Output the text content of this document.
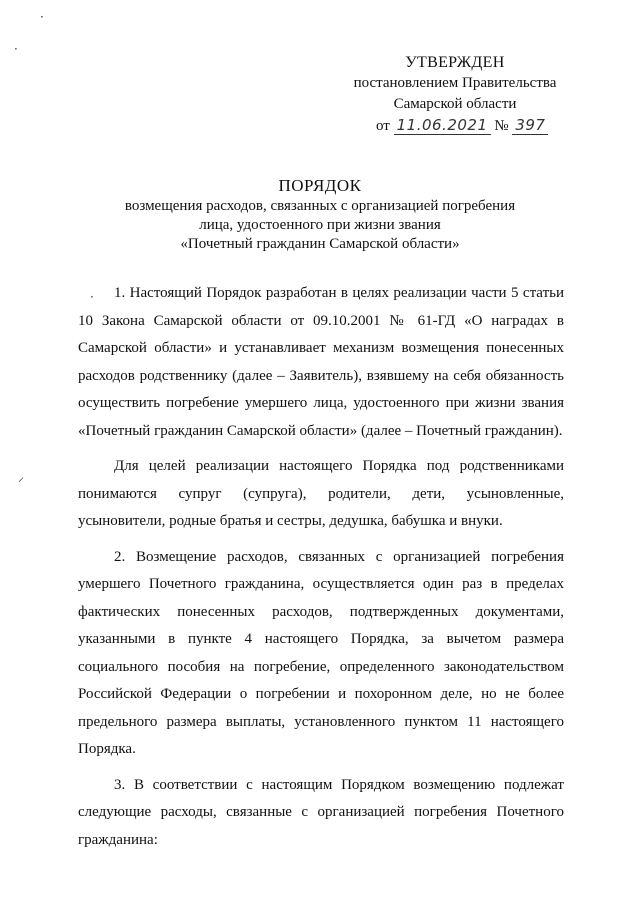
УТВЕРЖДЕН
постановлением Правительства
Самарской области
от 11.06.2021 № 397
ПОРЯДОК
возмещения расходов, связанных с организацией погребения
лица, удостоенного при жизни звания
«Почетный гражданин Самарской области»

1. Настоящий Порядок разработан в целях реализации части 5 статьи 10 Закона Самарской области от 09.10.2001 № 61-ГД «О наградах в Самарской области» и устанавливает механизм возмещения понесенных расходов родственнику (далее – Заявитель), взявшему на себя обязанность осуществить погребение умершего лица, удостоенного при жизни звания «Почетный гражданин Самарской области» (далее – Почетный гражданин).

Для целей реализации настоящего Порядка под родственниками понимаются супруг (супруга), родители, дети, усыновленные, усыновители, родные братья и сестры, дедушка, бабушка и внуки.

2. Возмещение расходов, связанных с организацией погребения умершего Почетного гражданина, осуществляется один раз в пределах фактических понесенных расходов, подтвержденных документами, указанными в пункте 4 настоящего Порядка, за вычетом размера социального пособия на погребение, определенного законодательством Российской Федерации о погребении и похоронном деле, но не более предельного размера выплаты, установленного пунктом 11 настоящего Порядка.

3. В соответствии с настоящим Порядком возмещению подлежат следующие расходы, связанные с организацией погребения Почетного гражданина:

·
·
⸝
·
